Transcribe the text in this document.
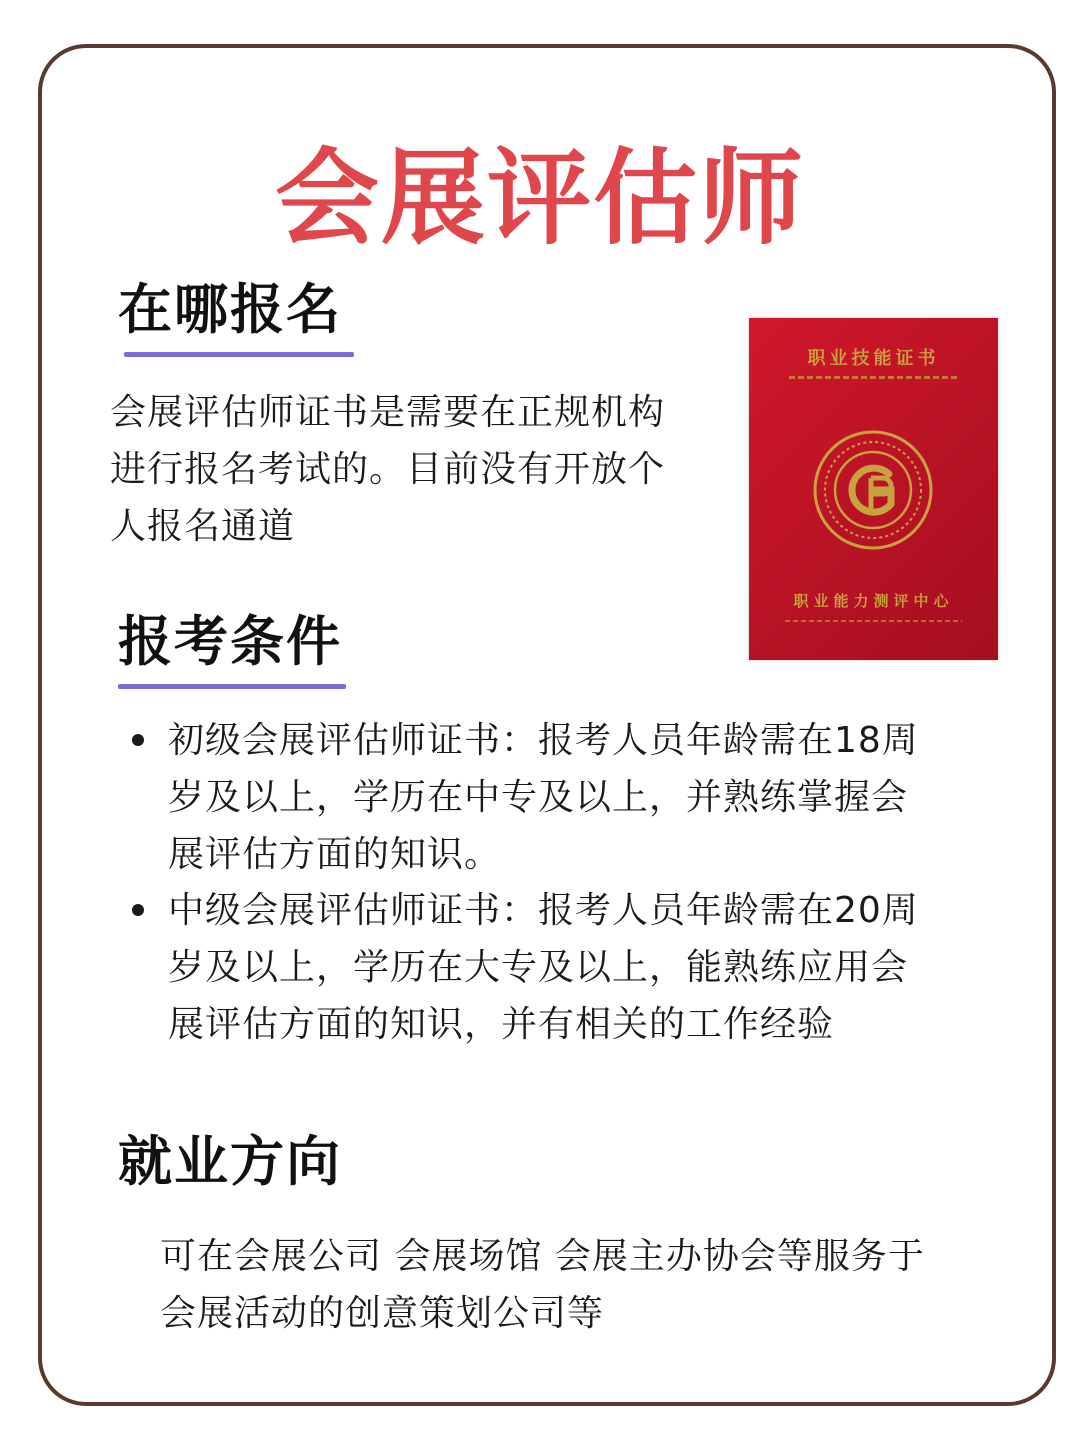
会展评估师
在哪报名
会展评估师证书是需要在正规机构
进行报名考试的。目前没有开放个
人报名通道
职业技能证书
职业能力测评中心
报考条件
初级会展评估师证书：报考人员年龄需在18周
岁及以上，学历在中专及以上，并熟练掌握会
展评估方面的知识。
中级会展评估师证书：报考人员年龄需在20周
岁及以上，学历在大专及以上，能熟练应用会
展评估方面的知识，并有相关的工作经验
就业方向
可在会展公司 会展场馆 会展主办协会等服务于
会展活动的创意策划公司等
